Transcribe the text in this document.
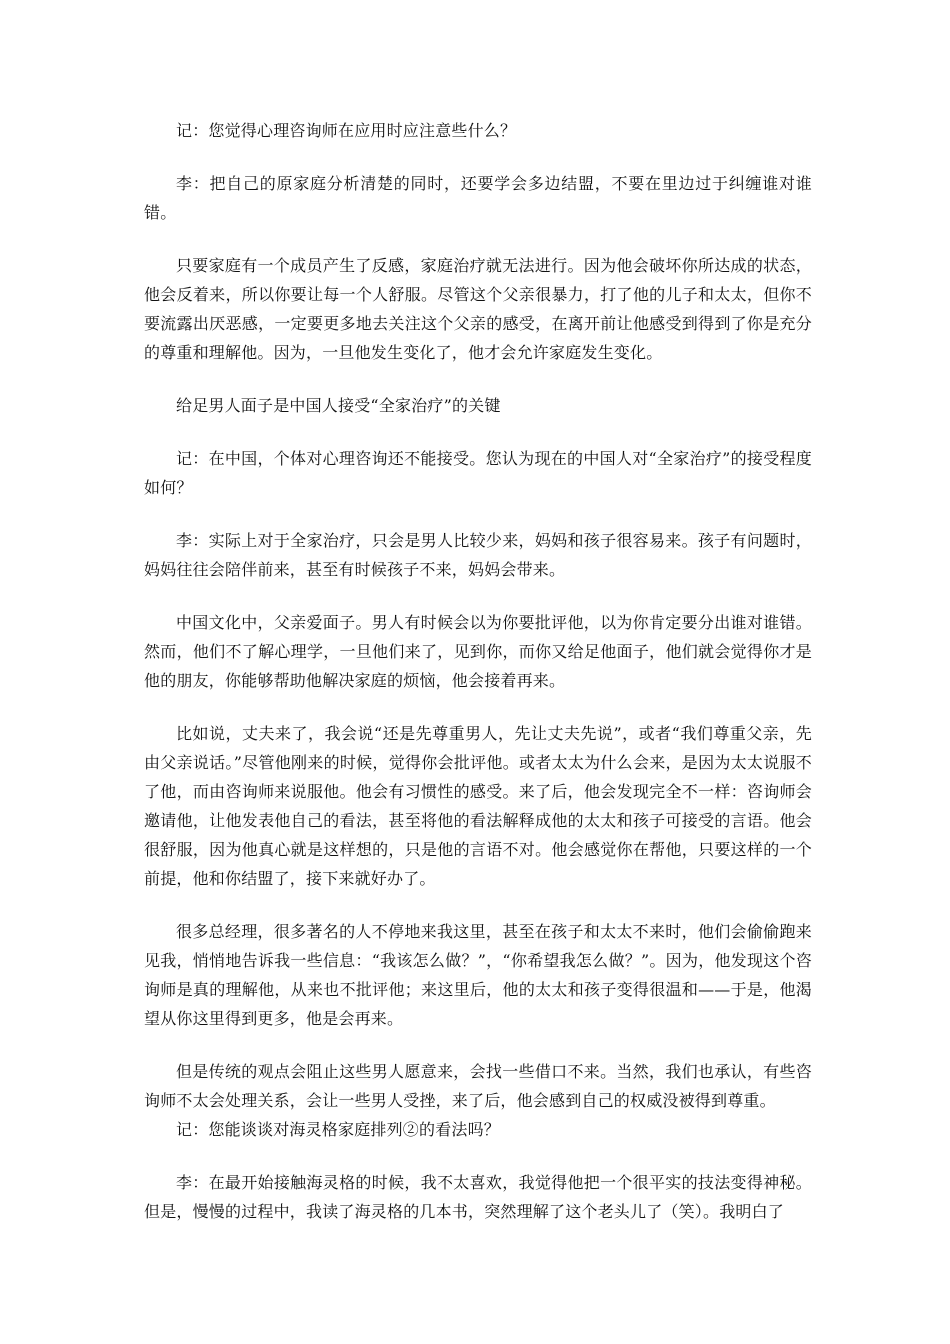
记：您觉得心理咨询师在应用时应注意些什么？

李：把自己的原家庭分析清楚的同时，还要学会多边结盟，不要在里边过于纠缠谁对谁错。

只要家庭有一个成员产生了反感，家庭治疗就无法进行。因为他会破坏你所达成的状态，他会反着来，所以你要让每一个人舒服。尽管这个父亲很暴力，打了他的儿子和太太，但你不要流露出厌恶感，一定要更多地去关注这个父亲的感受，在离开前让他感受到得到了你是充分的尊重和理解他。因为，一旦他发生变化了，他才会允许家庭发生变化。

给足男人面子是中国人接受“全家治疗”的关键

记：在中国，个体对心理咨询还不能接受。您认为现在的中国人对“全家治疗”的接受程度如何？

李：实际上对于全家治疗，只会是男人比较少来，妈妈和孩子很容易来。孩子有问题时，妈妈往往会陪伴前来，甚至有时候孩子不来，妈妈会带来。

中国文化中，父亲爱面子。男人有时候会以为你要批评他，以为你肯定要分出谁对谁错。然而，他们不了解心理学，一旦他们来了，见到你，而你又给足他面子，他们就会觉得你才是他的朋友，你能够帮助他解决家庭的烦恼，他会接着再来。

比如说，丈夫来了，我会说“还是先尊重男人，先让丈夫先说”，或者“我们尊重父亲，先由父亲说话。”尽管他刚来的时候，觉得你会批评他。或者太太为什么会来，是因为太太说服不了他，而由咨询师来说服他。他会有习惯性的感受。来了后，他会发现完全不一样：咨询师会邀请他，让他发表他自己的看法，甚至将他的看法解释成他的太太和孩子可接受的言语。他会很舒服，因为他真心就是这样想的，只是他的言语不对。他会感觉你在帮他，只要这样的一个前提，他和你结盟了，接下来就好办了。

很多总经理，很多著名的人不停地来我这里，甚至在孩子和太太不来时，他们会偷偷跑来见我，悄悄地告诉我一些信息：“我该怎么做？”，“你希望我怎么做？”。因为，他发现这个咨询师是真的理解他，从来也不批评他；来这里后，他的太太和孩子变得很温和——于是，他渴望从你这里得到更多，他是会再来。

但是传统的观点会阻止这些男人愿意来，会找一些借口不来。当然，我们也承认，有些咨询师不太会处理关系，会让一些男人受挫，来了后，他会感到自己的权威没被得到尊重。

记：您能谈谈对海灵格家庭排列②的看法吗？

李：在最开始接触海灵格的时候，我不太喜欢，我觉得他把一个很平实的技法变得神秘。但是，慢慢的过程中，我读了海灵格的几本书，突然理解了这个老头儿了（笑）。我明白了
